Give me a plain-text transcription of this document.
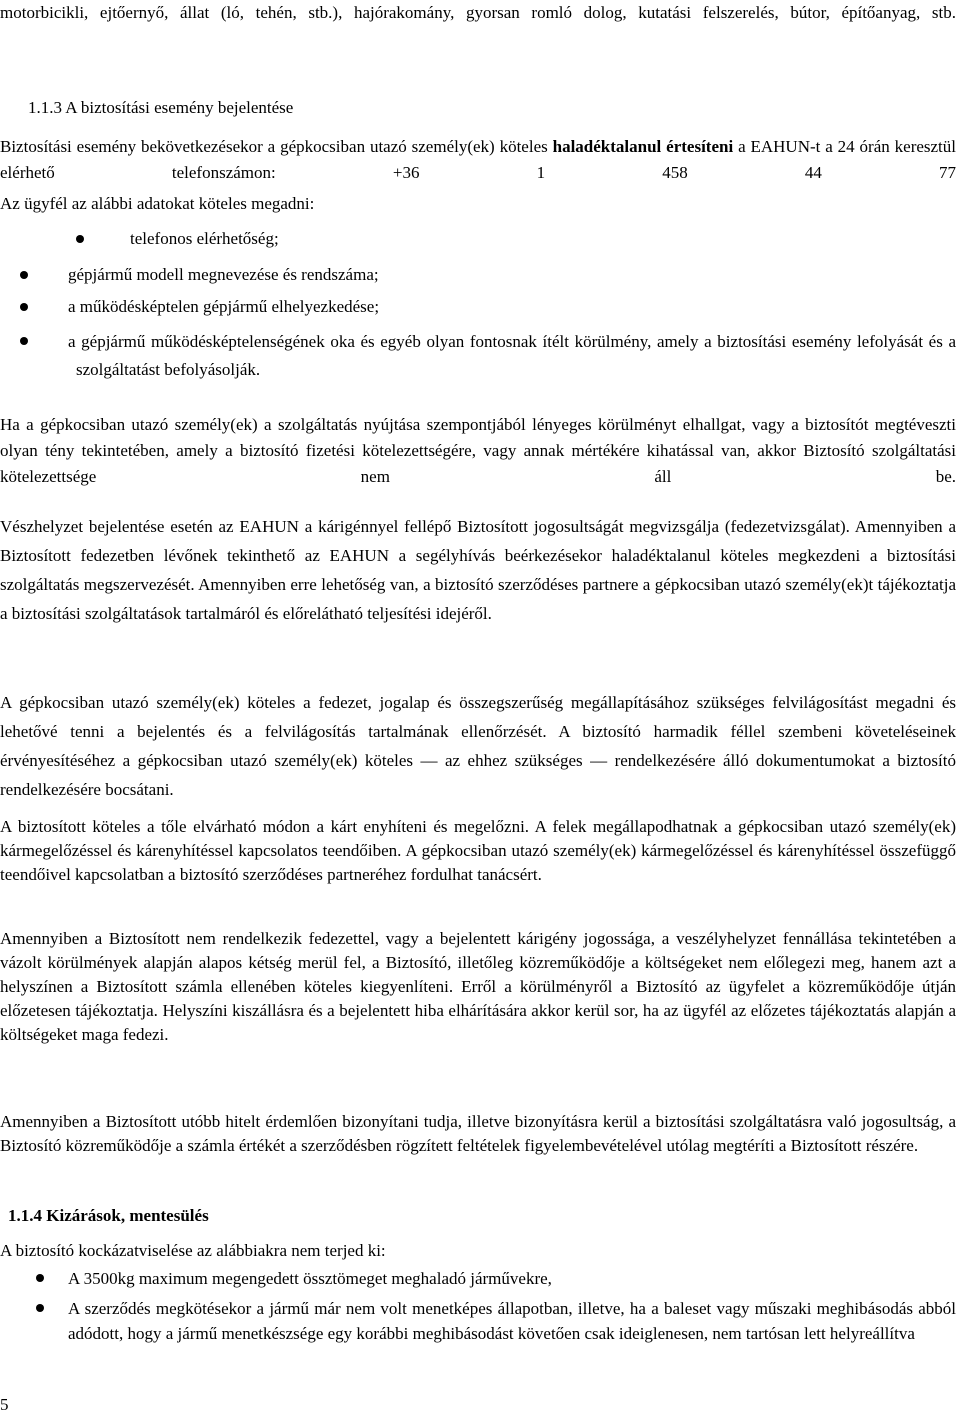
motorbicikli, ejtőernyő, állat (ló, tehén, stb.), hajórakomány, gyorsan romló dolog, kutatási felszerelés, bútor, építőanyag, stb.

1.1.3 A biztosítási esemény bejelentése

Biztosítási esemény bekövetkezésekor a gépkocsiban utazó személy(ek) köteles haladéktalanul értesíteni a EAHUN-t a 24 órán keresztül elérhető telefonszámon: +36 1 458 44 77

Az ügyfél az alábbi adatokat köteles megadni:

telefonos elérhetőség;
gépjármű modell megnevezése és rendszáma;
a működésképtelen gépjármű elhelyezkedése;
a gépjármű működésképtelenségének oka és egyéb olyan fontosnak ítélt körülmény, amely a biztosítási esemény lefolyását és a szolgáltatást befolyásolják.

Ha a gépkocsiban utazó személy(ek) a szolgáltatás nyújtása szempontjából lényeges körülményt elhallgat, vagy a biztosítót megtéveszti olyan tény tekintetében, amely a biztosító fizetési kötelezettségére, vagy annak mértékére kihatással van, akkor Biztosító szolgáltatási kötelezettsége nem áll be.

Vészhelyzet bejelentése esetén az EAHUN a kárigénnyel fellépő Biztosított jogosultságát megvizsgálja (fedezetvizsgálat). Amennyiben a Biztosított fedezetben lévőnek tekinthető az EAHUN a segélyhívás beérkezésekor haladéktalanul köteles megkezdeni a biztosítási szolgáltatás megszervezését. Amennyiben erre lehetőség van, a biztosító szerződéses partnere a gépkocsiban utazó személy(ek)t tájékoztatja a biztosítási szolgáltatások tartalmáról és előrelátható teljesítési idejéről.

A gépkocsiban utazó személy(ek) köteles a fedezet, jogalap és összegszerűség megállapításához szükséges felvilágosítást megadni és lehetővé tenni a bejelentés és a felvilágosítás tartalmának ellenőrzését. A biztosító harmadik féllel szembeni követeléseinek érvényesítéséhez a gépkocsiban utazó személy(ek) köteles — az ehhez szükséges — rendelkezésére álló dokumentumokat a biztosító rendelkezésére bocsátani.

A biztosított köteles a tőle elvárható módon a kárt enyhíteni és megelőzni. A felek megállapodhatnak a gépkocsiban utazó személy(ek) kármegelőzéssel és kárenyhítéssel kapcsolatos teendőiben. A gépkocsiban utazó személy(ek) kármegelőzéssel és kárenyhítéssel összefüggő teendőivel kapcsolatban a biztosító szerződéses partneréhez fordulhat tanácsért.

Amennyiben a Biztosított nem rendelkezik fedezettel, vagy a bejelentett kárigény jogossága, a veszélyhelyzet fennállása tekintetében a vázolt körülmények alapján alapos kétség merül fel, a Biztosító, illetőleg közreműködője a költségeket nem előlegezi meg, hanem azt a helyszínen a Biztosított számla ellenében köteles kiegyenlíteni. Erről a körülményről a Biztosító az ügyfelet a közreműködője útján előzetesen tájékoztatja. Helyszíni kiszállásra és a bejelentett hiba elhárítására akkor kerül sor, ha az ügyfél az előzetes tájékoztatás alapján a költségeket maga fedezi.

Amennyiben a Biztosított utóbb hitelt érdemlően bizonyítani tudja, illetve bizonyításra kerül a biztosítási szolgáltatásra való jogosultság, a Biztosító közreműködője a számla értékét a szerződésben rögzített feltételek figyelembevételével utólag megtéríti a Biztosított részére.

1.1.4 Kizárások, mentesülés

A biztosító kockázatviselése az alábbiakra nem terjed ki:

A 3500kg maximum megengedett össztömeget meghaladó járművekre,
A szerződés megkötésekor a jármű már nem volt menetképes állapotban, illetve, ha a baleset vagy műszaki meghibásodás abból adódott, hogy a jármű menetkészsége egy korábbi meghibásodást követően csak ideiglenesen, nem tartósan lett helyreállítva
5
